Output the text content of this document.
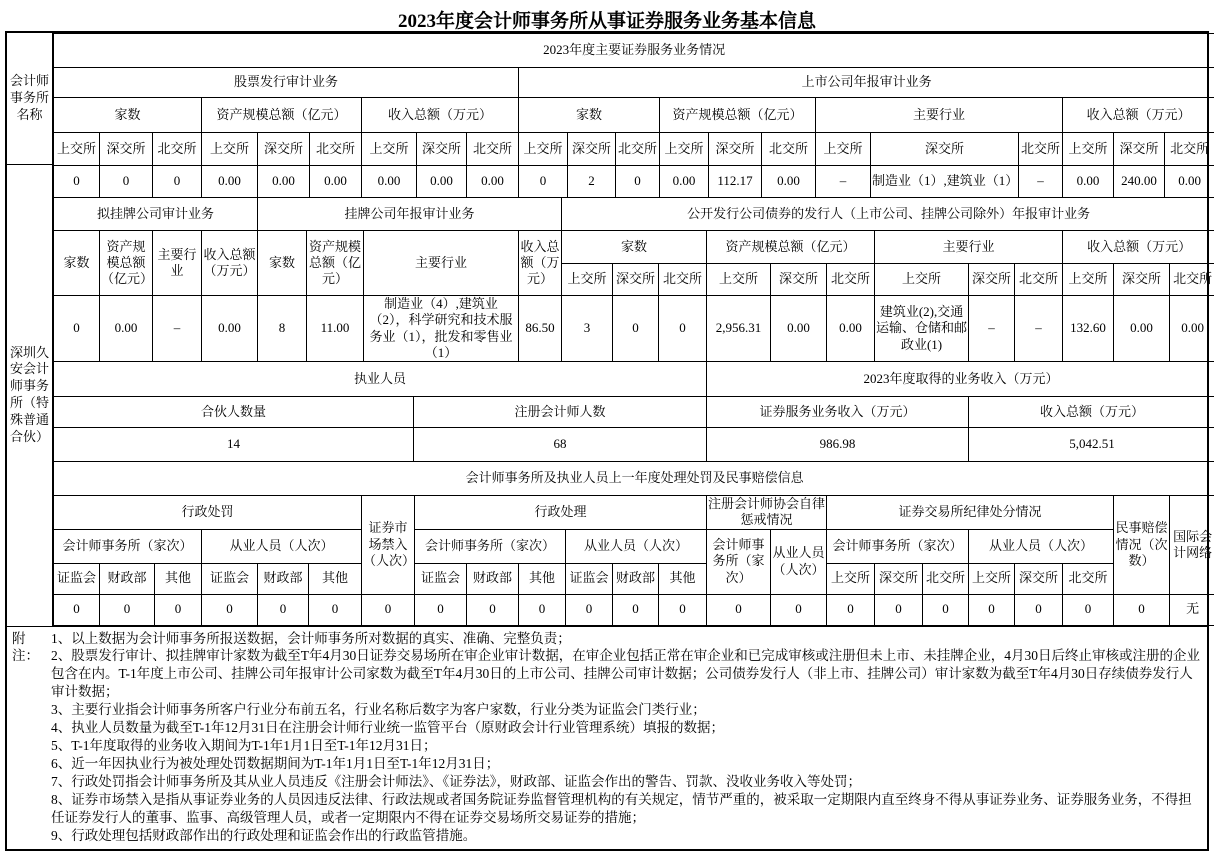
2023年度会计师事务所从事证券服务业务基本信息
会计师事务所名称
深圳久安会计师事务所（特殊普通合伙）
2023年度主要证券服务业务情况																				
股票发行审计业务									上市公司年报审计业务											
家数			资产规模总额（亿元）			收入总额（万元）			家数			资产规模总额（亿元）			主要行业			收入总额（万元）		
上交所	深交所	北交所	上交所	深交所	北交所	上交所	深交所	北交所	上交所	深交所	北交所	上交所	深交所	北交所	上交所	深交所	北交所	上交所	深交所	北交所
0	0	0	0.00	0.00	0.00	0.00	0.00	0.00	0	2	0	0.00	112.17	0.00	–	制造业（1）,建筑业（1）	–	0.00	240.00	0.00
拟挂牌公司审计业务				挂牌公司年报审计业务				公开发行公司债券的发行人（上市公司、挂牌公司除外）年报审计业务											
家数	资产规模总额（亿元）	主要行业	收入总额（万元）	家数	资产规模总额（亿元）	主要行业	收入总额（万元）	家数			资产规模总额（亿元）			主要行业			收入总额（万元）		
								上交所	深交所	北交所	上交所	深交所	北交所	上交所	深交所	北交所	上交所	深交所	北交所
0	0.00	–	0.00	8	11.00	制造业（4）,建筑业（2），科学研究和技术服务业（1），批发和零售业（1）	86.50	3	0	0	2,956.31	0.00	0.00	建筑业(2),交通运输、仓储和邮政业(1)	–	–	132.60	0.00	0.00
执业人员		2023年度取得的业务收入（万元）	
合伙人数量	注册会计师人数	证券服务业务收入（万元）	收入总额（万元）
14	68	986.98	5,042.51
会计师事务所及执业人员上一年度处理处罚及民事赔偿信息																						
行政处罚						证券市场禁入（人次）	行政处理						注册会计师协会自律惩戒情况		证券交易所纪律处分情况						民事赔偿情况（次数）	国际会计网络
会计师事务所（家次）			从业人员（人次）				会计师事务所（家次）			从业人员（人次）			会计师事务所（家次）	从业人员（人次）	会计师事务所（家次）			从业人员（人次）				
证监会	财政部	其他	证监会	财政部	其他		证监会	财政部	其他	证监会	财政部	其他			上交所	深交所	北交所	上交所	深交所	北交所		
0	0	0	0	0	0	0	0	0	0	0	0	0	0	0	0	0	0	0	0	0	0	无
附注：

1、以上数据为会计师事务所报送数据，会计师事务所对数据的真实、准确、完整负责；

2、股票发行审计、拟挂牌审计家数为截至T年4月30日证券交易场所在审企业审计数据，在审企业包括正常在审企业和已完成审核或注册但未上市、未挂牌企业，4月30日后终止审核或注册的企业包含在内。T-1年度上市公司、挂牌公司年报审计公司家数为截至T年4月30日的上市公司、挂牌公司审计数据；公司债券发行人（非上市、挂牌公司）审计家数为截至T年4月30日存续债券发行人审计数据；

3、主要行业指会计师事务所客户行业分布前五名，行业名称后数字为客户家数，行业分类为证监会门类行业；

4、执业人员数量为截至T-1年12月31日在注册会计师行业统一监管平台（原财政会计行业管理系统）填报的数据；

5、T-1年度取得的业务收入期间为T-1年1月1日至T-1年12月31日；

6、近一年因执业行为被处理处罚数据期间为T-1年1月1日至T-1年12月31日；

7、行政处罚指会计师事务所及其从业人员违反《注册会计师法》、《证券法》，财政部、证监会作出的警告、罚款、没收业务收入等处罚；

8、证券市场禁入是指从事证券业务的人员因违反法律、行政法规或者国务院证券监督管理机构的有关规定，情节严重的，被采取一定期限内直至终身不得从事证券业务、证券服务业务，不得担任证券发行人的董事、监事、高级管理人员，或者一定期限内不得在证券交易场所交易证券的措施；

9、行政处理包括财政部作出的行政处理和证监会作出的行政监管措施。
